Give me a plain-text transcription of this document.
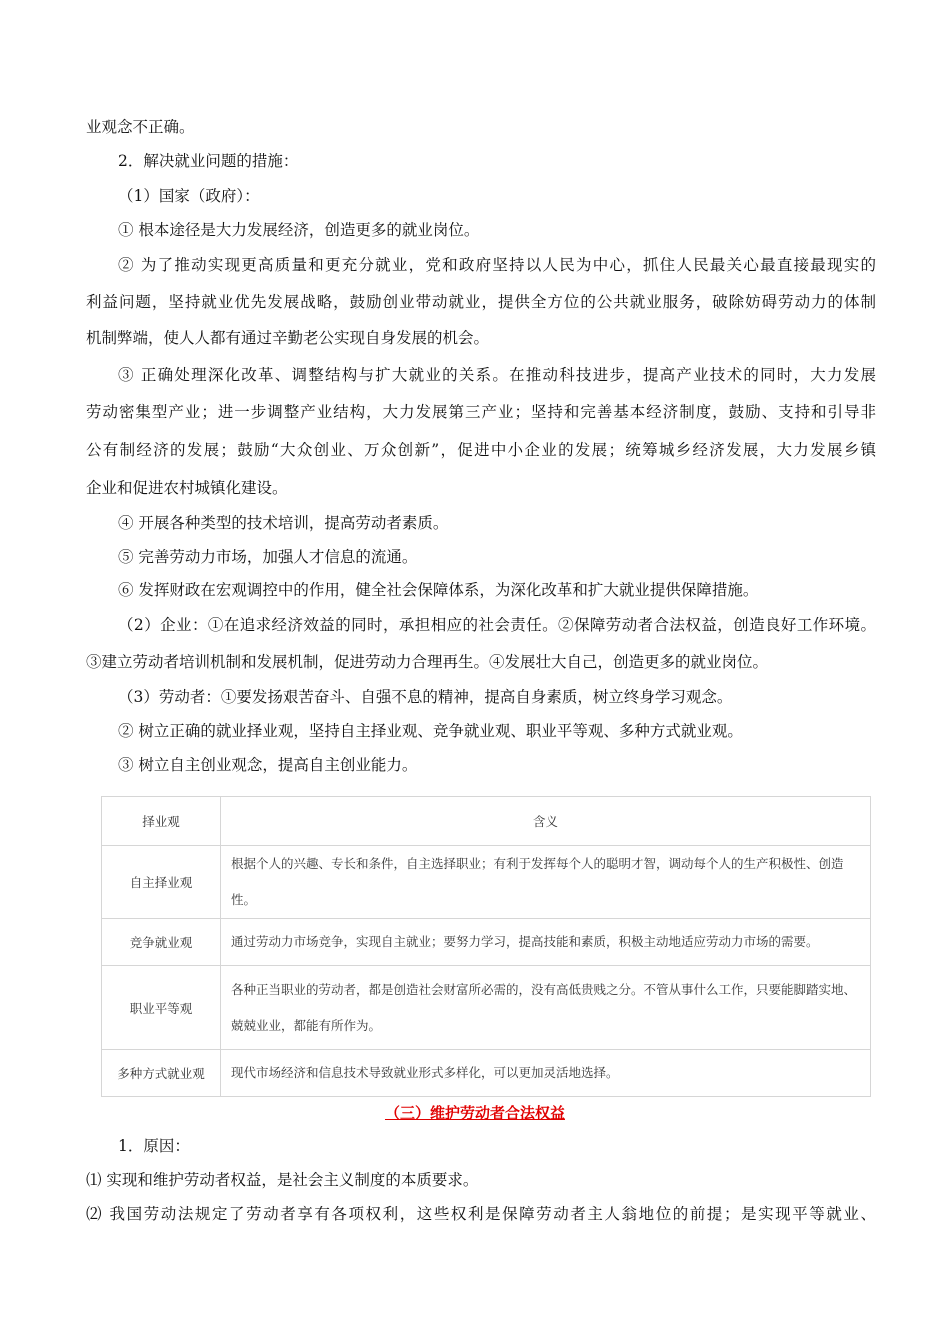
业观念不正确。
2．解决就业问题的措施：
（1）国家（政府）：
① 根本途径是大力发展经济，创造更多的就业岗位。
② 为了推动实现更高质量和更充分就业，党和政府坚持以人民为中心，抓住人民最关心最直接最现实的
利益问题，坚持就业优先发展战略，鼓励创业带动就业，提供全方位的公共就业服务，破除妨碍劳动力的体制
机制弊端，使人人都有通过辛勤老公实现自身发展的机会。
③ 正确处理深化改革、调整结构与扩大就业的关系。在推动科技进步，提高产业技术的同时，大力发展
劳动密集型产业；进一步调整产业结构，大力发展第三产业；坚持和完善基本经济制度，鼓励、支持和引导非
公有制经济的发展；鼓励“大众创业、万众创新”，促进中小企业的发展；统筹城乡经济发展，大力发展乡镇
企业和促进农村城镇化建设。
④ 开展各种类型的技术培训，提高劳动者素质。
⑤ 完善劳动力市场，加强人才信息的流通。
⑥ 发挥财政在宏观调控中的作用，健全社会保障体系，为深化改革和扩大就业提供保障措施。
（2）企业：①在追求经济效益的同时，承担相应的社会责任。②保障劳动者合法权益，创造良好工作环境。
③建立劳动者培训机制和发展机制，促进劳动力合理再生。④发展壮大自己，创造更多的就业岗位。
（3）劳动者：①要发扬艰苦奋斗、自强不息的精神，提高自身素质，树立终身学习观念。
② 树立正确的就业择业观，坚持自主择业观、竞争就业观、职业平等观、多种方式就业观。
③ 树立自主创业观念，提高自主创业能力。
择业观	含义
自主择业观	根据个人的兴趣、专长和条件，自主选择职业；有利于发挥每个人的聪明才智，调动每个人的生产积极性、创造性。
竞争就业观	通过劳动力市场竞争，实现自主就业；要努力学习，提高技能和素质，积极主动地适应劳动力市场的需要。
职业平等观	各种正当职业的劳动者，都是创造社会财富所必需的，没有高低贵贱之分。不管从事什么工作，只要能脚踏实地、兢兢业业，都能有所作为。
多种方式就业观	现代市场经济和信息技术导致就业形式多样化，可以更加灵活地选择。
（三）维护劳动者合法权益
1．原因：
⑴ 实现和维护劳动者权益，是社会主义制度的本质要求。
⑵ 我国劳动法规定了劳动者享有各项权利，这些权利是保障劳动者主人翁地位的前提；是实现平等就业、
